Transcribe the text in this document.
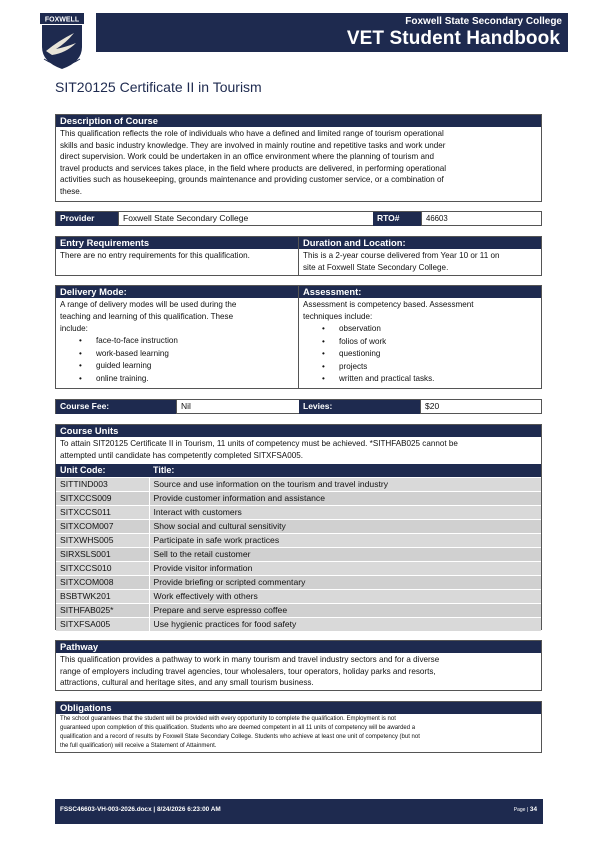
FOXWELL	Foxwell State Secondary College
VET Student Handbook
SIT20125 Certificate II in Tourism
Description of Course
This qualification reflects the role of individuals who have a defined and limited range of tourism operational
skills and basic industry knowledge. They are involved in mainly routine and repetitive tasks and work under
direct supervision. Work could be undertaken in an office environment where the planning of tourism and
travel products and services takes place, in the field where products are delivered, in performing operational
activities such as housekeeping, grounds maintenance and providing customer service, or a combination of
these.
Provider	Foxwell State Secondary College	RTO#	46603
Entry Requirements
There are no entry requirements for this qualification.
Duration and Location:
This is a 2-year course delivered from Year 10 or 11 on
site at Foxwell State Secondary College.
Delivery Mode:
A range of delivery modes will be used during the
teaching and learning of this qualification. These
include:
• face-to-face instruction
• work-based learning
• guided learning
• online training.
Assessment:
Assessment is competency based. Assessment
techniques include:
• observation
• folios of work
• questioning
• projects
• written and practical tasks.
Course Fee:	Nil	Levies:	$20
Course Units
To attain SIT20125 Certificate II in Tourism, 11 units of competency must be achieved. *SITHFAB025 cannot be
attempted until candidate has competently completed SITXFSA005.
Unit Code:	Title:
SITTIND003	Source and use information on the tourism and travel industry
SITXCCS009	Provide customer information and assistance
SITXCCS011	Interact with customers
SITXCOM007	Show social and cultural sensitivity
SITXWHS005	Participate in safe work practices
SIRXSLS001	Sell to the retail customer
SITXCCS010	Provide visitor information
SITXCOM008	Provide briefing or scripted commentary
BSBTWK201	Work effectively with others
SITHFAB025*	Prepare and serve espresso coffee
SITXFSA005	Use hygienic practices for food safety
Pathway
This qualification provides a pathway to work in many tourism and travel industry sectors and for a diverse
range of employers including travel agencies, tour wholesalers, tour operators, holiday parks and resorts,
attractions, cultural and heritage sites, and any small tourism business.
Obligations
The school guarantees that the student will be provided with every opportunity to complete the qualification. Employment is not
guaranteed upon completion of this qualification. Students who are deemed competent in all 11 units of competency will be awarded a
qualification and a record of results by Foxwell State Secondary College. Students who achieve at least one unit of competency (but not
the full qualification) will receive a Statement of Attainment.
FSSC46603-VH-003-2026.docx | 8/24/2026 6:23:00 AM	Page | 34
